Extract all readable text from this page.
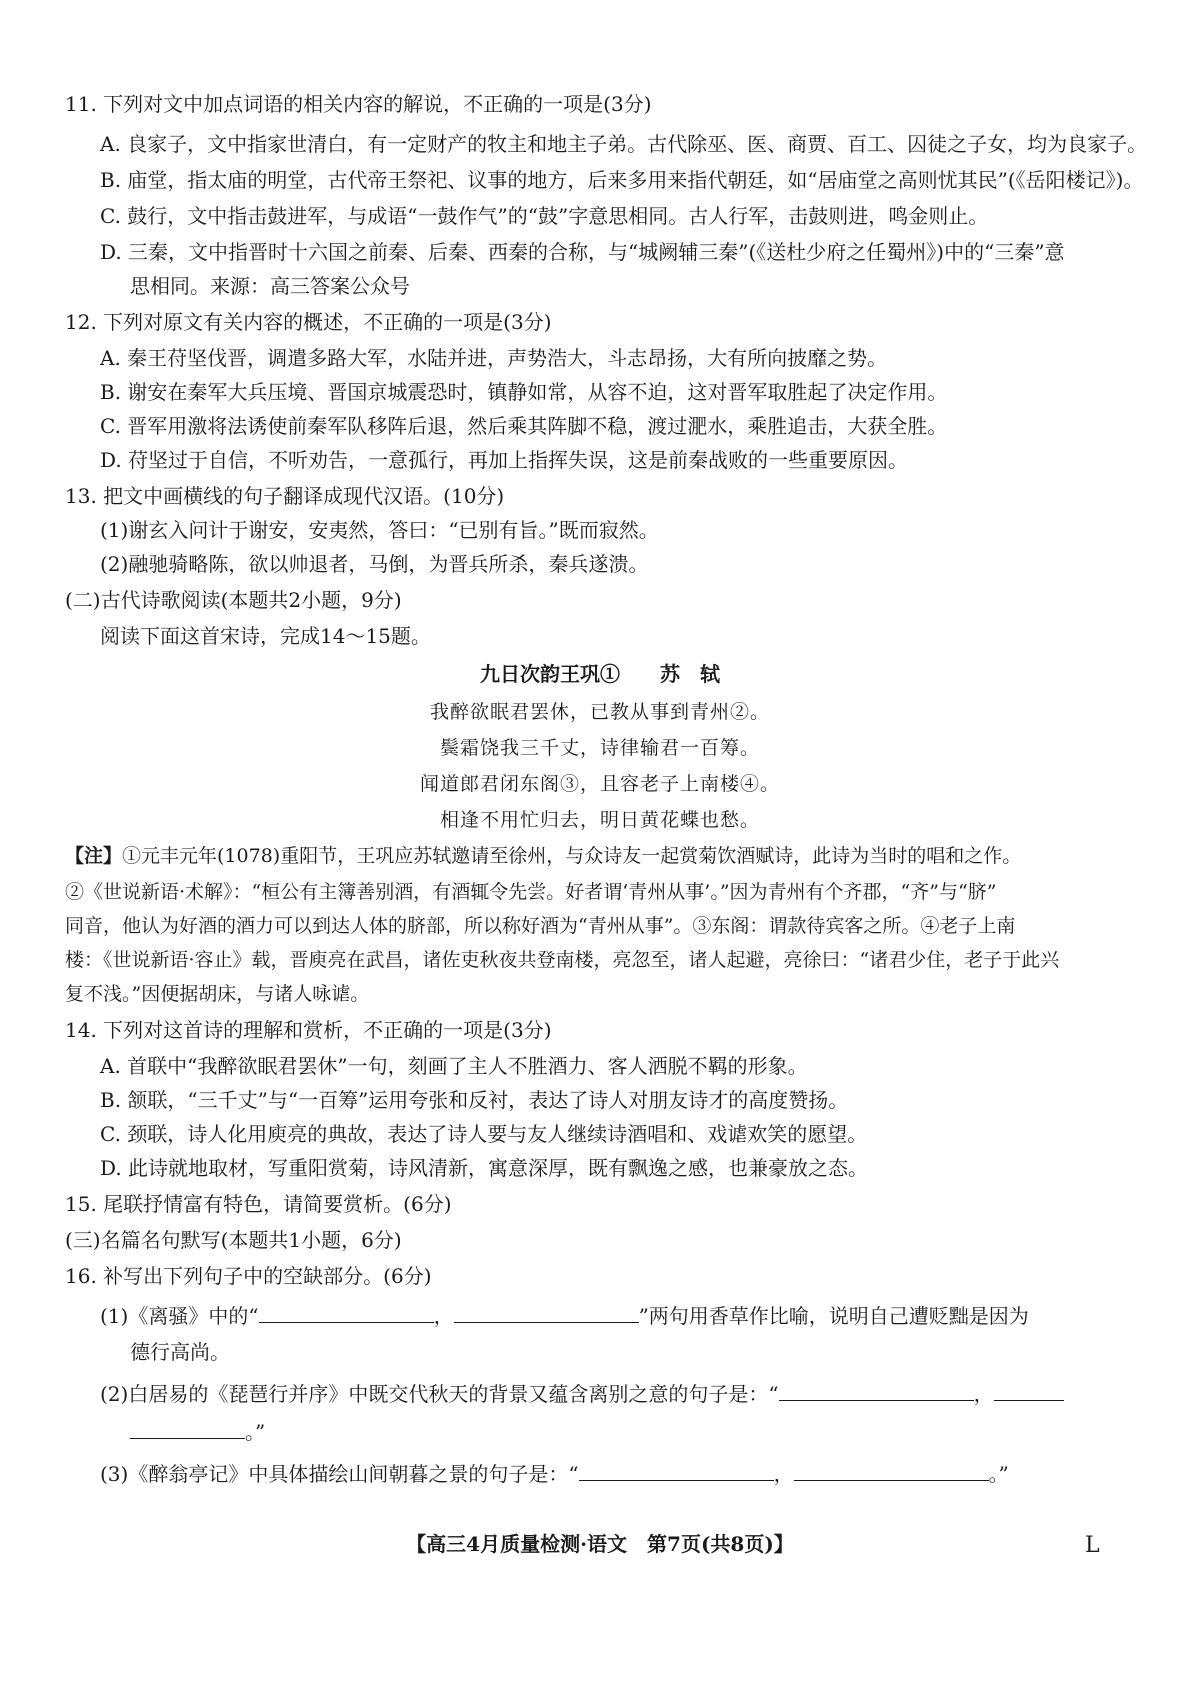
11. 下列对文中加点词语的相关内容的解说，不正确的一项是(3分)
A. 良家子，文中指家世清白，有一定财产的牧主和地主子弟。古代除巫、医、商贾、百工、囚徒之子女，均为良家子。
B. 庙堂，指太庙的明堂，古代帝王祭祀、议事的地方，后来多用来指代朝廷，如“居庙堂之高则忧其民”(《岳阳楼记》)。
C. 鼓行，文中指击鼓进军，与成语“一鼓作气”的“鼓”字意思相同。古人行军，击鼓则进，鸣金则止。
D. 三秦，文中指晋时十六国之前秦、后秦、西秦的合称，与“城阙辅三秦”(《送杜少府之任蜀州》)中的“三秦”意
思相同。来源：高三答案公众号
12. 下列对原文有关内容的概述，不正确的一项是(3分)
A. 秦王苻坚伐晋，调遣多路大军，水陆并进，声势浩大，斗志昂扬，大有所向披靡之势。
B. 谢安在秦军大兵压境、晋国京城震恐时，镇静如常，从容不迫，这对晋军取胜起了决定作用。
C. 晋军用激将法诱使前秦军队移阵后退，然后乘其阵脚不稳，渡过淝水，乘胜追击，大获全胜。
D. 苻坚过于自信，不听劝告，一意孤行，再加上指挥失误，这是前秦战败的一些重要原因。
13. 把文中画横线的句子翻译成现代汉语。(10分)
(1)谢玄入问计于谢安，安夷然，答曰：“已别有旨。”既而寂然。
(2)融驰骑略陈，欲以帅退者，马倒，为晋兵所杀，秦兵遂溃。
(二)古代诗歌阅读(本题共2小题，9分)
阅读下面这首宋诗，完成14～15题。
九日次韵王巩①　　苏　轼
我醉欲眠君罢休，已教从事到青州②。
鬓霜饶我三千丈，诗律输君一百筹。
闻道郎君闭东阁③，且容老子上南楼④。
相逢不用忙归去，明日黄花蝶也愁。
【注】①元丰元年(1078)重阳节，王巩应苏轼邀请至徐州，与众诗友一起赏菊饮酒赋诗，此诗为当时的唱和之作。
②《世说新语·术解》：“桓公有主簿善别酒，有酒辄令先尝。好者谓‘青州从事’。”因为青州有个齐郡，“齐”与“脐”
同音，他认为好酒的酒力可以到达人体的脐部，所以称好酒为“青州从事”。③东阁：谓款待宾客之所。④老子上南
楼：《世说新语·容止》载，晋庾亮在武昌，诸佐吏秋夜共登南楼，亮忽至，诸人起避，亮徐曰：“诸君少住，老子于此兴
复不浅。”因便据胡床，与诸人咏谑。
14. 下列对这首诗的理解和赏析，不正确的一项是(3分)
A. 首联中“我醉欲眠君罢休”一句，刻画了主人不胜酒力、客人洒脱不羁的形象。
B. 颔联，“三千丈”与“一百筹”运用夸张和反衬，表达了诗人对朋友诗才的高度赞扬。
C. 颈联，诗人化用庾亮的典故，表达了诗人要与友人继续诗酒唱和、戏谑欢笑的愿望。
D. 此诗就地取材，写重阳赏菊，诗风清新，寓意深厚，既有飘逸之感，也兼豪放之态。
15. 尾联抒情富有特色，请简要赏析。(6分)
(三)名篇名句默写(本题共1小题，6分)
16. 补写出下列句子中的空缺部分。(6分)
(1)《离骚》中的“	，	”两句用香草作比喻，说明自己遭贬黜是因为
德行高尚。
(2)白居易的《琵琶行并序》中既交代秋天的背景又蕴含离别之意的句子是：“	，
。”
(3)《醉翁亭记》中具体描绘山间朝暮之景的句子是：“	，	。”
【高三4月质量检测·语文　第7页(共8页)】	L
